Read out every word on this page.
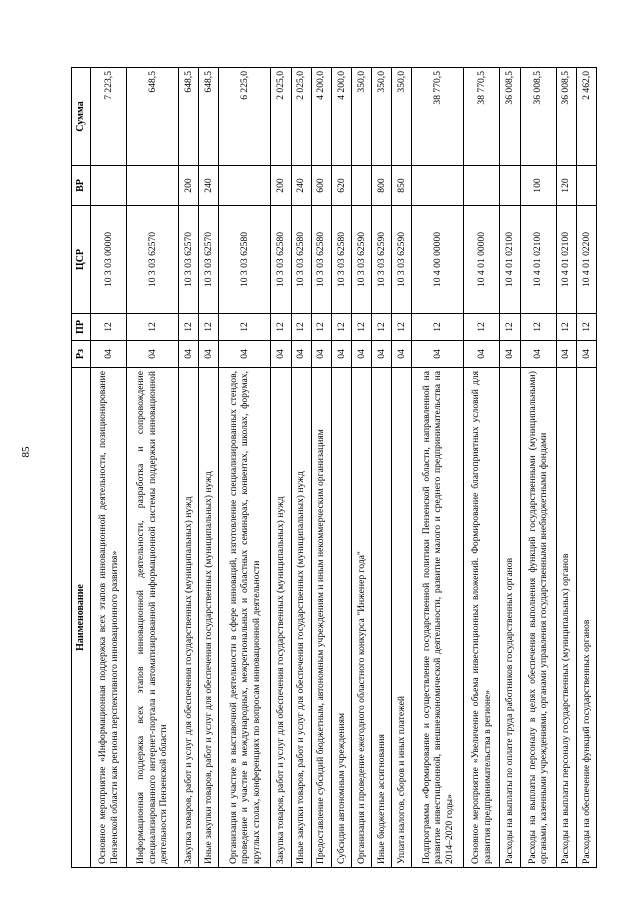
85
Наименование	Рз	ПР	ЦСР	ВР	Сумма
Основное мероприятие «Информационная поддержка всех этапов инновационной деятельности, позиционирование Пензенской области как региона перспективного инновационного развития»	04	12	10 3 03 00000		7 223,5
Информационная поддержка всех этапов инновационной деятельности, разработка и сопровождение специализированного интернет-портала и автоматизированной информационной системы поддержки инновационной деятельности Пензенской области	04	12	10 3 03 62570		648,5
Закупка товаров, работ и услуг для обеспечения государственных (муниципальных) нужд	04	12	10 3 03 62570	200	648,5
Иные закупки товаров, работ и услуг для обеспечения государственных (муниципальных) нужд	04	12	10 3 03 62570	240	648,5
Организация и участие в выставочной деятельности в сфере инноваций, изготовление специализированных стендов, проведение и участие в международных, межрегиональных и областных семинарах, конвентах, школах, форумах, круглых столах, конференциях по вопросам инновационной деятельности	04	12	10 3 03 62580		6 225,0
Закупка товаров, работ и услуг для обеспечения государственных (муниципальных) нужд	04	12	10 3 03 62580	200	2 025,0
Иные закупки товаров, работ и услуг для обеспечения государственных (муниципальных) нужд	04	12	10 3 03 62580	240	2 025,0
Предоставление субсидий бюджетным, автономным учреждениям и иным некоммерческим организациям	04	12	10 3 03 62580	600	4 200,0
Субсидии автономным учреждениям	04	12	10 3 03 62580	620	4 200,0
Организация и проведение ежегодного областного конкурса "Инженер года"	04	12	10 3 03 62590		350,0
Иные бюджетные ассигнования	04	12	10 3 03 62590	800	350,0
Уплата налогов, сборов и иных платежей	04	12	10 3 03 62590	850	350,0
Подпрограмма «Формирование и осуществление государственной политики Пензенской области, направленной на развитие инвестиционной, внешнеэкономической деятельности, развитие малого и среднего предпринимательства на 2014–2020 годы»	04	12	10 4 00 00000		38 770,5
Основное мероприятие «Увеличение объема инвестиционных вложений. Формирование благоприятных условий для развития предпринимательства в регионе»	04	12	10 4 01 00000		38 770,5
Расходы на выплаты по оплате труда работников государственных органов	04	12	10 4 01 02100		36 008,5
Расходы на выплаты персоналу в целях обеспечения выполнения функций государственными (муниципальными) органами, казенными учреждениями, органами управления государственными внебюджетными фондами	04	12	10 4 01 02100	100	36 008,5
Расходы на выплаты персоналу государственных (муниципальных) органов	04	12	10 4 01 02100	120	36 008,5
Расходы на обеспечение функций государственных органов	04	12	10 4 01 02200		2 462,0
